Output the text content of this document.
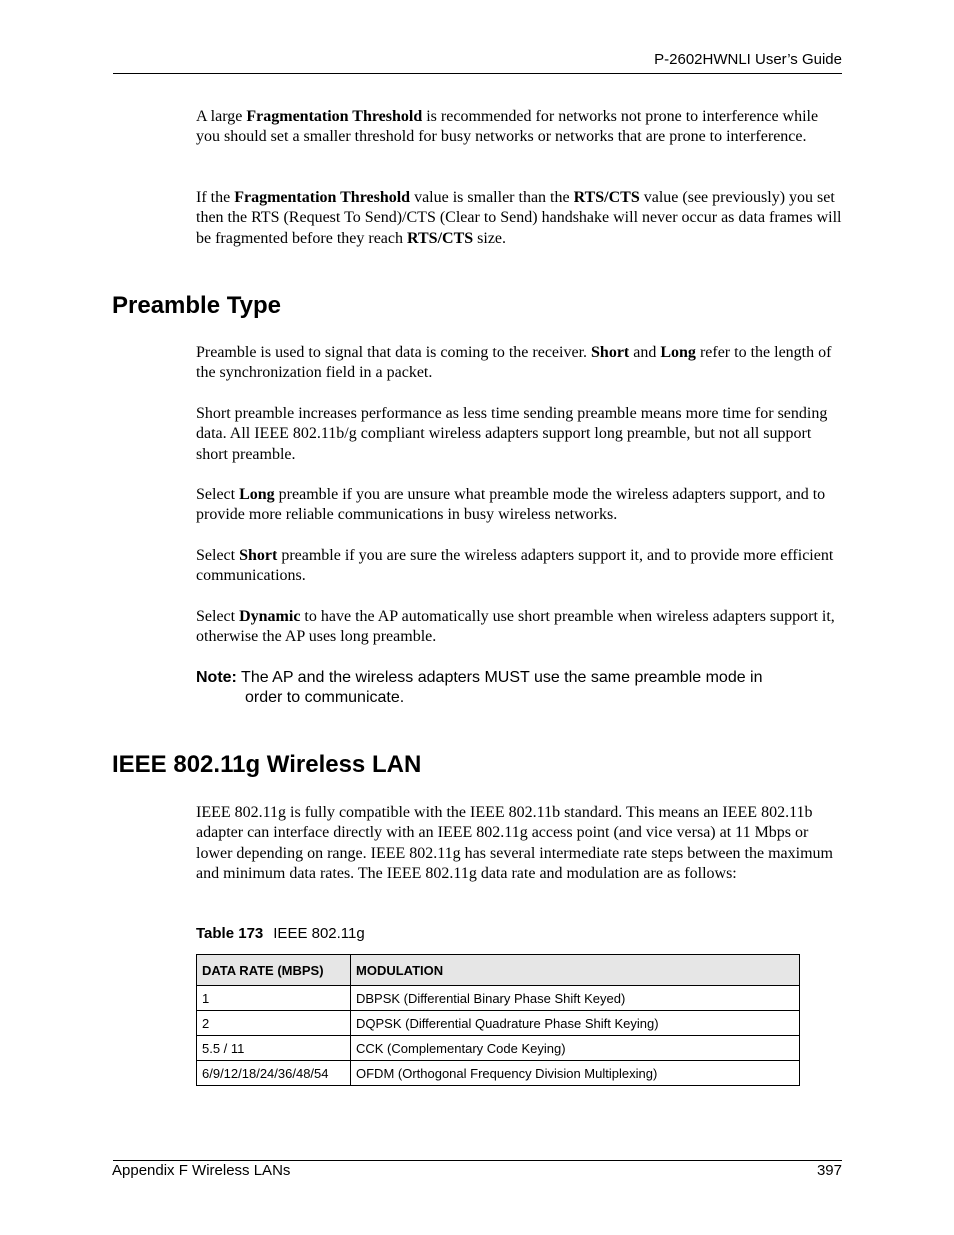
P-2602HWNLI User’s Guide

A large Fragmentation Threshold is recommended for networks not prone to interference while you should set a smaller threshold for busy networks or networks that are prone to interference.

If the Fragmentation Threshold value is smaller than the RTS/CTS value (see previously) you set then the RTS (Request To Send)/CTS (Clear to Send) handshake will never occur as data frames will be fragmented before they reach RTS/CTS size.

Preamble Type

Preamble is used to signal that data is coming to the receiver. Short and Long refer to the length of the synchronization field in a packet.

Short preamble increases performance as less time sending preamble means more time for sending data. All IEEE 802.11b/g compliant wireless adapters support long preamble, but not all support short preamble.

Select Long preamble if you are unsure what preamble mode the wireless adapters support, and to provide more reliable communications in busy wireless networks.

Select Short preamble if you are sure the wireless adapters support it, and to provide more efficient communications.

Select Dynamic to have the AP automatically use short preamble when wireless adapters support it, otherwise the AP uses long preamble.

Note: The AP and the wireless adapters MUST use the same preamble mode in
order to communicate.
IEEE 802.11g Wireless LAN

IEEE 802.11g is fully compatible with the IEEE 802.11b standard. This means an IEEE 802.11b adapter can interface directly with an IEEE 802.11g access point (and vice versa) at 11 Mbps or lower depending on range. IEEE 802.11g has several intermediate rate steps between the maximum and minimum data rates. The IEEE 802.11g data rate and modulation are as follows:

Table 173 IEEE 802.11g
DATA RATE (MBPS)	MODULATION
1	DBPSK (Differential Binary Phase Shift Keyed)
2	DQPSK (Differential Quadrature Phase Shift Keying)
5.5 / 11	CCK (Complementary Code Keying)
6/9/12/18/24/36/48/54	OFDM (Orthogonal Frequency Division Multiplexing)
Appendix F Wireless LANs	397
